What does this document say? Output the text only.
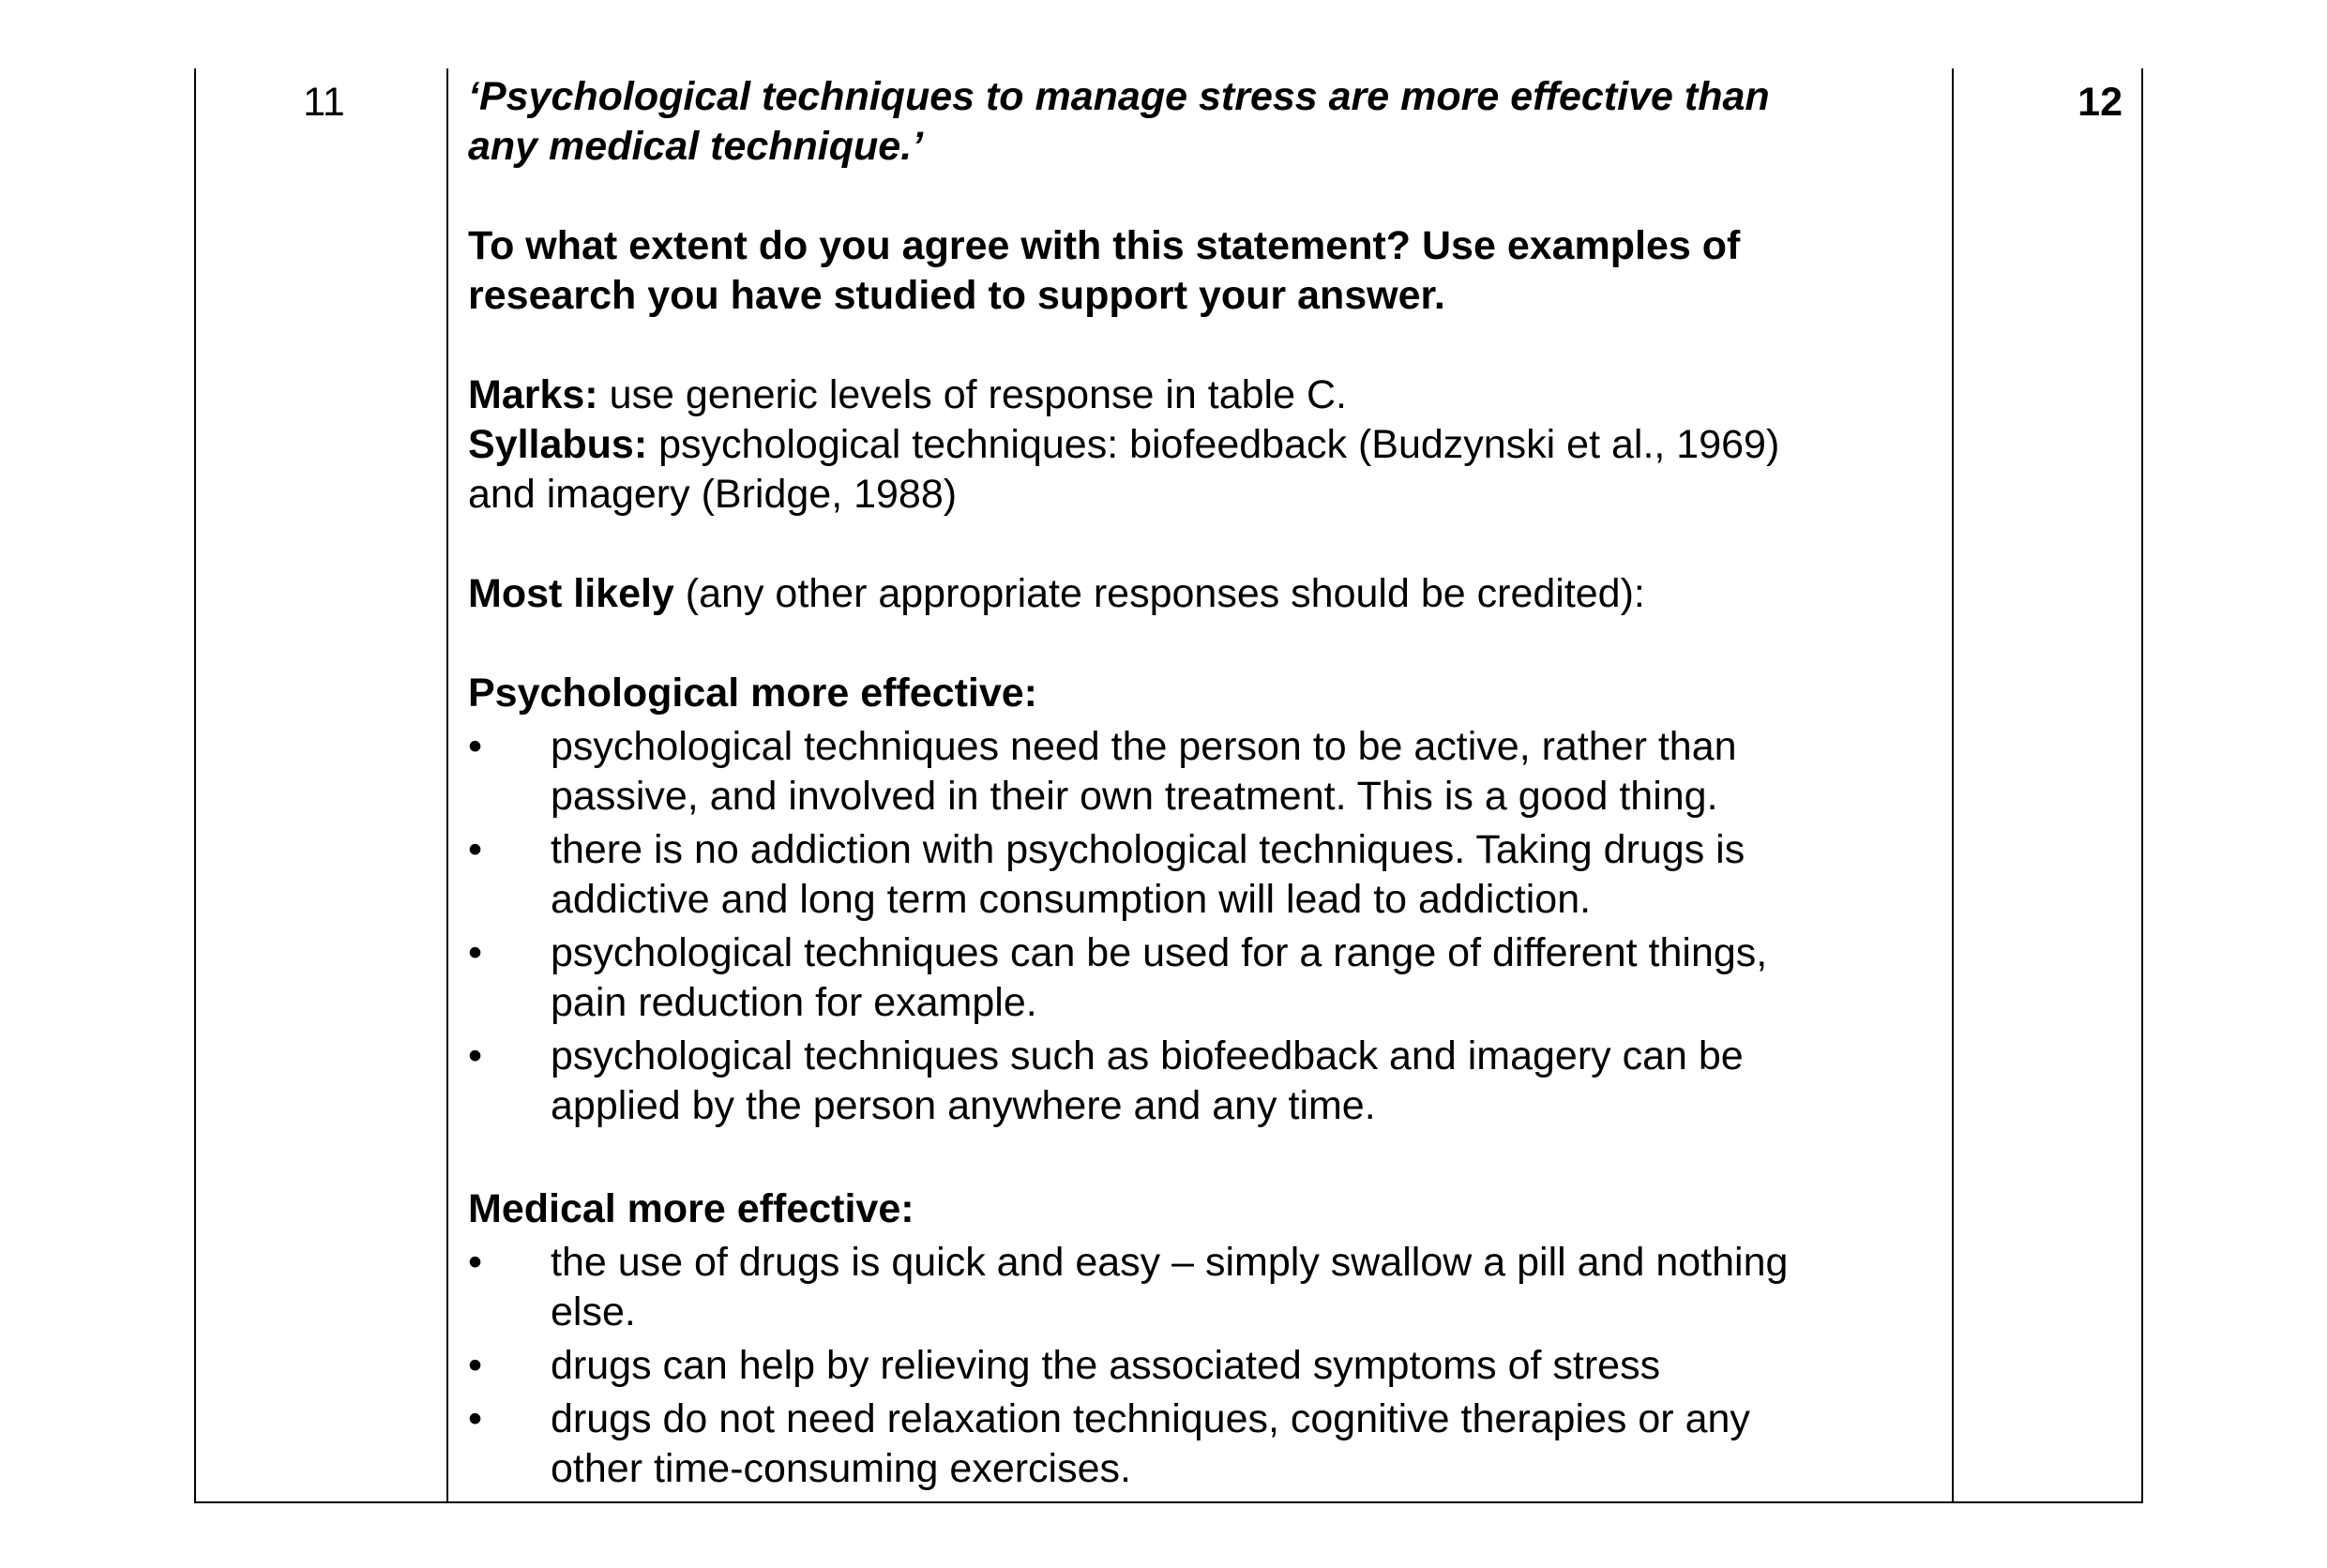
11	12

‘Psychological techniques to manage stress are more effective than
any medical technique.’

To what extent do you agree with this statement? Use examples of
research you have studied to support your answer.

Marks: use generic levels of response in table C.

Syllabus: psychological techniques: biofeedback (Budzynski et al., 1969)
and imagery (Bridge, 1988)

Most likely (any other appropriate responses should be credited):

Psychological more effective:

• psychological techniques need the person to be active, rather than
passive, and involved in their own treatment. This is a good thing.
• there is no addiction with psychological techniques. Taking drugs is
addictive and long term consumption will lead to addiction.
• psychological techniques can be used for a range of different things,
pain reduction for example.
• psychological techniques such as biofeedback and imagery can be
applied by the person anywhere and any time.

Medical more effective:

• the use of drugs is quick and easy – simply swallow a pill and nothing
else.
• drugs can help by relieving the associated symptoms of stress
• drugs do not need relaxation techniques, cognitive therapies or any
other time-consuming exercises.
